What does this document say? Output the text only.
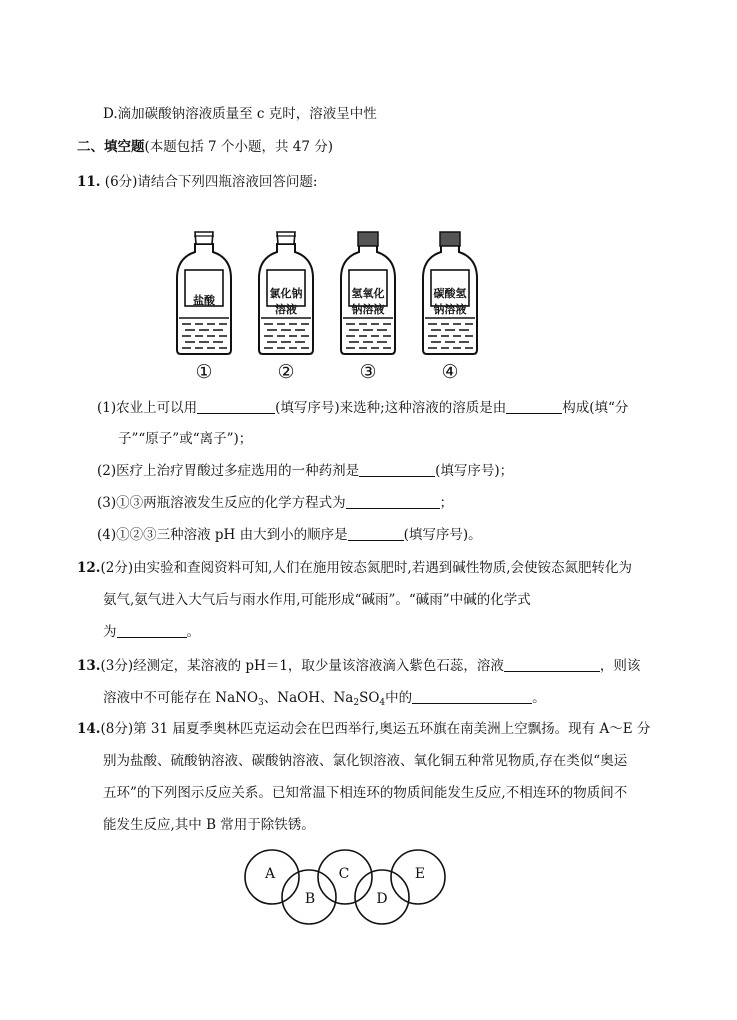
D.滴加碳酸钠溶液质量至 c 克时，溶液呈中性
二、填空题(本题包括 7 个小题，共 47 分)
11. (6分)请结合下列四瓶溶液回答问题:
盐酸
氯化钠
溶液
氢氧化
钠溶液
碳酸氢
钠溶液
①	②	③	④
A
B
C
D
E
(1)农业上可以用	(填写序号)来选种;这种溶液的溶质是由	构成(填“分
子”“原子”或“离子”)；
(2)医疗上治疗胃酸过多症选用的一种药剂是	(填写序号)；
(3)①③两瓶溶液发生反应的化学方程式为	；
(4)①②③三种溶液 pH 由大到小的顺序是	(填写序号)。
12.(2分)由实验和查阅资料可知,人们在施用铵态氮肥时,若遇到碱性物质,会使铵态氮肥转化为
氨气,氨气进入大气后与雨水作用,可能形成“碱雨”。“碱雨”中碱的化学式
为	。
13.(3分)经测定，某溶液的 pH＝1，取少量该溶液滴入紫色石蕊，溶液	，则该
溶液中不可能存在 NaNO$_3$、NaOH、$Na_2SO_4$中的	。
14.(8分)第 31 届夏季奥林匹克运动会在巴西举行,奥运五环旗在南美洲上空飘扬。现有 A～E 分
别为盐酸、硫酸钠溶液、碳酸钠溶液、氯化钡溶液、氧化铜五种常见物质,存在类似“奥运
五环”的下列图示反应关系。已知常温下相连环的物质间能发生反应,不相连环的物质间不
能发生反应,其中 B 常用于除铁锈。
